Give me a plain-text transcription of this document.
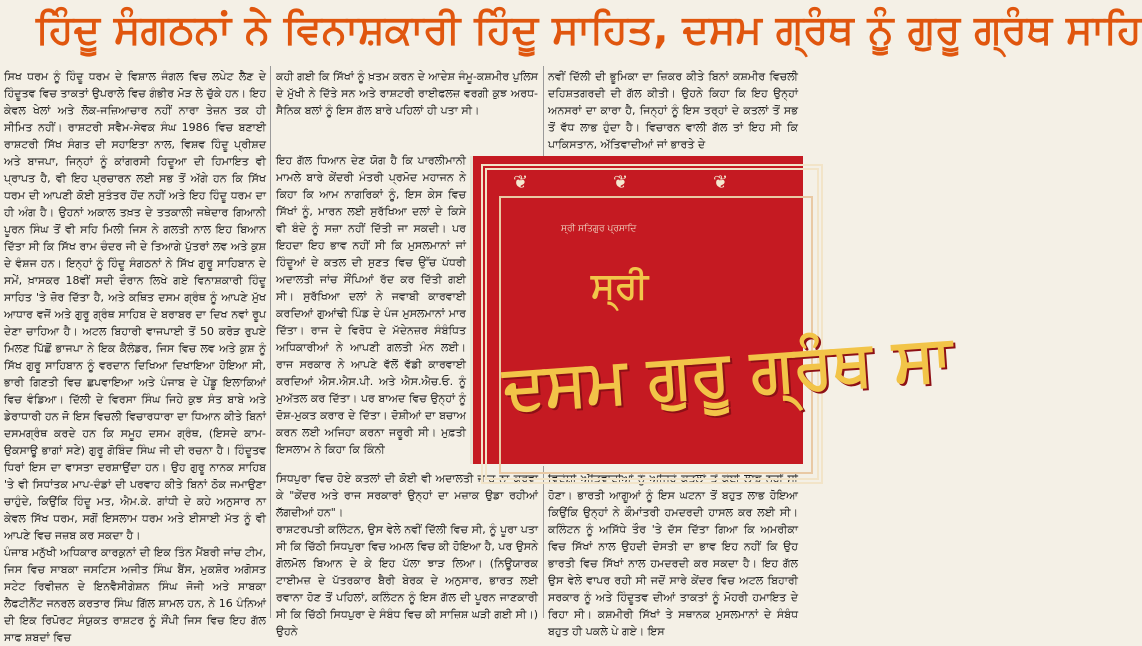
ਹਿੰਦੂ ਸੰਗਠਨਾਂ ਨੇ ਵਿਨਾਸ਼ਕਾਰੀ ਹਿੰਦੂ ਸਾਹਿਤ, ਦਸਮ ਗ੍ਰੰਥ ਨੂੰ ਗੁਰੂ ਗ੍ਰੰਥ ਸਾਹਿ

ਸਿਖ ਧਰਮ ਨੂੰ ਹਿੰਦੂ ਧਰਮ ਦੇ ਵਿਸ਼ਾਲ ਜੰਗਲ ਵਿਚ ਲਪੇਟ ਲੈਣ ਦੇ ਹਿੰਦੂਤਵ ਵਿਚ ਤਾਕਤਾਂ ਉਪਰਾਲੇ ਵਿਚ ਗੰਭੀਰ ਮੋੜ ਲੇ ਚੁੱਕੇ ਹਨ। ਇਹ ਕੇਵਲ ਖੇਲਾਂ ਅਤੇ ਲੋਕ-ਜਜ਼ਿਆਚਾਰ ਨਹੀਂ ਨਾਰਾ ਤੇਜ਼ਨ ਤਕ ਹੀ ਸੀਮਿਤ ਨਹੀਂ। ਰਾਸ਼ਟਰੀ ਸਵੈਮ-ਸੇਵਕ ਸੰਘ 1986 ਵਿਚ ਬਣਾਈ ਰਾਸ਼ਟਰੀ ਸਿੱਖ ਸੰਗਤ ਦੀ ਸਹਾਇਤਾ ਨਾਲ, ਵਿਸ਼ਵ ਹਿੰਦੂ ਪ੍ਰੀਸ਼ਦ ਅਤੇ ਬਾਜਪਾ, ਜਿਨ੍ਹਾਂ ਨੂੰ ਕਾਂਗਰਸੀ ਹਿਦੂਆ ਦੀ ਹਿਮਾਇਤ ਵੀ ਪ੍ਰਾਪਤ ਹੈ, ਵੀ ਇਹ ਪ੍ਰਚਾਰਨ ਲਈ ਸਭ ਤੋਂ ਅੱਗੇ ਹਨ ਕਿ ਸਿੱਖ ਧਰਮ ਦੀ ਆਪਣੀ ਕੋਈ ਸੁਤੰਤਰ ਹੋਂਦ ਨਹੀਂ ਅਤੇ ਇਹ ਹਿੰਦੂ ਧਰਮ ਦਾ ਹੀ ਅੰਗ ਹੈ। ਉਹਨਾਂ ਅਕਾਲ ਤਖ਼ਤ ਦੇ ਤਤਕਾਲੀ ਜਥੇਦਾਰ ਗਿਆਨੀ ਪੂਰਨ ਸਿੰਘ ਤੋਂ ਵੀ ਸਹਿ ਮਿਲੀ ਜਿਸ ਨੇ ਗਲਤੀ ਨਾਲ ਇਹ ਬਿਆਨ ਦਿੱਤਾ ਸੀ ਕਿ ਸਿੱਖ ਰਾਮ ਚੰਦਰ ਜੀ ਦੇ ਤਿਆਗੇ ਪੁੱਤਰਾਂ ਲਵ ਅਤੇ ਕੁਸ਼ ਦੇ ਵੰਸ਼ਜ ਹਨ। ਇਨ੍ਹਾਂ ਨੂੰ ਹਿੰਦੂ ਸੰਗਠਨਾਂ ਨੇ ਸਿੱਖ ਗੁਰੂ ਸਾਹਿਬਾਨ ਦੇ ਸਮੇਂ, ਖ਼ਾਸਕਰ 18ਵੀਂ ਸਦੀ ਦੌਰਾਨ ਲਿਖੇ ਗਏ ਵਿਨਾਸ਼ਕਾਰੀ ਹਿੰਦੂ ਸਾਹਿਤ 'ਤੇ ਜ਼ੋਰ ਦਿੱਤਾ ਹੈ, ਅਤੇ ਕਥਿਤ ਦਸਮ ਗ੍ਰੰਥ ਨੂੰ ਆਪਣੇ ਮੁੱਖ ਆਧਾਰ ਵਜੋਂ ਅਤੇ ਗੁਰੂ ਗ੍ਰੰਥ ਸਾਹਿਬ ਦੇ ਬਰਾਬਰ ਦਾ ਦਿਖ ਨਵਾਂ ਰੂਪ ਦੇਣਾ ਚਾਹਿਆ ਹੈ। ਅਟਲ ਬਿਹਾਰੀ ਵਾਜਪਾਈ ਤੋਂ 50 ਕਰੋੜ ਰੁਪਏ ਮਿਲਣ ਪਿੱਛੋਂ ਭਾਜਪਾ ਨੇ ਇਕ ਕੈਲੰਡਰ, ਜਿਸ ਵਿਚ ਲਵ ਅਤੇ ਕੁਸ਼ ਨੂੰ ਸਿੱਖ ਗੁਰੂ ਸਾਹਿਬਾਨ ਨੂੰ ਵਰਦਾਨ ਦਿਖਿਆ ਦਿਖਾਇਆ ਹੋਇਆ ਸੀ, ਭਾਰੀ ਗਿਣਤੀ ਵਿਚ ਛਪਵਾਇਆ ਅਤੇ ਪੰਜਾਬ ਦੇ ਪੇਂਡੂ ਇਲਾਕਿਆਂ ਵਿਚ ਵੰਡਿਆ। ਦਿੱਲੀ ਦੇ ਵਿਰਸਾ ਸਿੰਘ ਜਿਹੇ ਕੁਝ ਸੰਤ ਬਾਬੇ ਅਤੇ ਡੇਰਾਧਾਰੀ ਹਨ ਜੋ ਇਸ ਵਿਚਲੀ ਵਿਚਾਰਧਾਰਾ ਦਾ ਧਿਆਨ ਕੀਤੇ ਬਿਨਾਂ ਦਸਮਗ੍ਰੰਥ ਕਰਦੇ ਹਨ ਕਿ ਸਮੂਹ ਦਸਮ ਗ੍ਰੰਥ, (ਇਸਦੇ ਕਾਮ-ਉਕਸਾਊ ਭਾਗਾਂ ਸਣੇ) ਗੁਰੂ ਗੋਬਿੰਦ ਸਿੰਘ ਜੀ ਦੀ ਰਚਨਾ ਹੈ। ਹਿੰਦੂਤਵ ਧਿਰਾਂ ਇਸ ਦਾ ਵਾਸਤਾ ਦਰਸ਼ਾਉਂਦਾ ਹਨ। ਉਹ ਗੁਰੂ ਨਾਨਕ ਸਾਹਿਬ 'ਤੇ ਵੀ ਸਿਧਾਂਤਕ ਮਾਪ-ਦੰਡਾਂ ਦੀ ਪਰਵਾਹ ਕੀਤੇ ਬਿਨਾਂ ਠੋਕ ਜਮਾਉਣਾ ਚਾਹੁੰਦੇ, ਕਿਉਂਕਿ ਹਿੰਦੂ ਮਤ, ਐਮ.ਕੇ. ਗਾਂਧੀ ਦੇ ਕਹੇ ਅਨੁਸਾਰ ਨਾ ਕੇਵਲ ਸਿੱਖ ਧਰਮ, ਸਗੋਂ ਇਸਲਾਮ ਧਰਮ ਅਤੇ ਈਸਾਈ ਮੱਤ ਨੂੰ ਵੀ ਆਪਣੇ ਵਿਚ ਜਜ਼ਬ ਕਰ ਸਕਦਾ ਹੈ।

ਪੰਜਾਬ ਮਨੁੱਖੀ ਅਧਿਕਾਰ ਕਾਰਕੁਨਾਂ ਦੀ ਇਕ ਤਿੰਨ ਮੈਂਬਰੀ ਜਾਂਚ ਟੀਮ, ਜਿਸ ਵਿਚ ਸਾਬਕਾ ਜਸਟਿਸ ਅਜੀਤ ਸਿੰਘ ਬੈਂਸ, ਮੁਕਸ਼ੋਰ ਅਗੋਸਤ ਸਟੇਟ ਰਿਵੀਜ਼ਨ ਦੇ ਇਨਵੈਸੀਗੇਸ਼ਨ ਸਿੰਘ ਜੋਜੀ ਅਤੇ ਸਾਬਕਾ ਲੈਫਟੀਨੈਂਟ ਜਨਰਲ ਕਰਤਾਰ ਸਿੰਘ ਗਿੱਲ ਸ਼ਾਮਲ ਹਨ, ਨੇ 16 ਪੰਨਿਆਂ ਦੀ ਇਕ ਰਿਪੋਰਟ ਸੰਯੁਕਤ ਰਾਸ਼ਟਰ ਨੂੰ ਸੌਂਪੀ ਜਿਸ ਵਿਚ ਇਹ ਗੱਲ ਸਾਫ ਸ਼ਬਦਾਂ ਵਿਚ

ਕਹੀ ਗਈ ਕਿ ਸਿੱਖਾਂ ਨੂੰ ਖ਼ਤਮ ਕਰਨ ਦੇ ਆਦੇਸ਼ ਜੰਮੂ-ਕਸ਼ਮੀਰ ਪੁਲਿਸ ਦੇ ਮੁੱਖੀ ਨੇ ਦਿੱਤੇ ਸਨ ਅਤੇ ਰਾਸ਼ਟਰੀ ਰਾਈਫਲਜ਼ ਵਰਗੀ ਕੁਝ ਅਰਧ-ਸੈਨਿਕ ਬਲਾਂ ਨੂੰ ਇਸ ਗੱਲ ਬਾਰੇ ਪਹਿਲਾਂ ਹੀ ਪਤਾ ਸੀ।

ਇਹ ਗੱਲ ਧਿਆਨ ਦੇਣ ਯੋਗ ਹੈ ਕਿ ਪਾਰਲੀਮਾਨੀ ਮਾਮਲੇ ਬਾਰੇ ਕੇਂਦਰੀ ਮੰਤਰੀ ਪ੍ਰਮੋਦ ਮਹਾਜਨ ਨੇ ਕਿਹਾ ਕਿ ਆਮ ਨਾਗਰਿਕਾਂ ਨੂੰ, ਇਸ ਕੇਸ ਵਿਚ ਸਿੱਖਾਂ ਨੂੰ, ਮਾਰਨ ਲਈ ਸੁਰੱਖਿਆ ਦਲਾਂ ਦੇ ਕਿਸੇ ਵੀ ਬੰਦੇ ਨੂੰ ਸਜ਼ਾ ਨਹੀਂ ਦਿੱਤੀ ਜਾ ਸਕਦੀ। ਪਰ ਇਹਦਾ ਇਹ ਭਾਵ ਨਹੀਂ ਸੀ ਕਿ ਮੁਸਲਮਾਨਾਂ ਜਾਂ ਹਿੰਦੂਆਂ ਦੇ ਕਤਲ ਦੀ ਸੁਣਤ ਵਿਚ ਉੱਚ ਪੱਧਰੀ ਅਦਾਲਤੀ ਜਾਂਚ ਸੌਂਪਿਆਂ ਰੱਦ ਕਰ ਦਿੱਤੀ ਗਈ ਸੀ। ਸੁਰੱਖਿਆ ਦਲਾਂ ਨੇ ਜਵਾਬੀ ਕਾਰਵਾਈ ਕਰਦਿਆਂ ਗੁਆਂਢੀ ਪਿੰਡ ਦੇ ਪੰਜ ਮੁਸਲਮਾਨਾਂ ਮਾਰ ਦਿੱਤਾ। ਰਾਜ ਦੇ ਵਿਰੋਧ ਦੇ ਮੱਦੇਨਜ਼ਰ ਸੰਬੰਧਿਤ ਅਧਿਕਾਰੀਆਂ ਨੇ ਆਪਣੀ ਗਲਤੀ ਮੰਨ ਲਈ। ਰਾਜ ਸਰਕਾਰ ਨੇ ਆਪਣੇ ਵੱਲੋਂ ਵੱਡੀ ਕਾਰਵਾਈ ਕਰਦਿਆਂ ਐਸ.ਐਸ.ਪੀ. ਅਤੇ ਐਸ.ਐਚ.ਓ. ਨੂੰ ਮੁਅੱਤਲ ਕਰ ਦਿੱਤਾ। ਪਰ ਬਾਅਦ ਵਿਚ ਉਨ੍ਹਾਂ ਨੂੰ ਦੋਸ਼-ਮੁਕਤ ਕਰਾਰ ਦੇ ਦਿੱਤਾ। ਦੋਸ਼ੀਆਂ ਦਾ ਬਚਾਅ ਕਰਨ ਲਈ ਅਜਿਹਾ ਕਰਨਾ ਜਰੂਰੀ ਸੀ। ਮੁਫ਼ਤੀ ਇਸਲਾਮ ਨੇ ਕਿਹਾ ਕਿ ਕਿੰਨੀ

ਸਿਧਪੁਰਾ ਵਿਚ ਹੋਏ ਕਤਲਾਂ ਦੀ ਕੋਈ ਵੀ ਅਦਾਲਤੀ ਜਾਂਚ ਨਾ ਕਰਵਾ ਕੇ "ਕੇਂਦਰ ਅਤੇ ਰਾਜ ਸਰਕਾਰਾਂ ਉਨ੍ਹਾਂ ਦਾ ਮਜ਼ਾਕ ਉਡਾ ਰਹੀਆਂ ਲੱਗਦੀਆਂ ਹਨ"।

ਰਾਸ਼ਟਰਪਤੀ ਕਲਿੰਟਨ, ਉਸ ਵੇਲੇ ਨਵੀਂ ਦਿੱਲੀ ਵਿਚ ਸੀ, ਨੂੰ ਪੂਰਾ ਪਤਾ ਸੀ ਕਿ ਚਿੱਠੀ ਸਿਧਪੁਰਾ ਵਿਚ ਅਮਲ ਵਿਚ ਕੀ ਹੋਇਆ ਹੈ, ਪਰ ਉਸਨੇ ਗੋਲਮੋਲ ਬਿਆਨ ਦੇ ਕੇ ਇਹ ਪੱਲਾ ਝਾੜ ਲਿਆ। (ਨਿਊਯਾਰਕ ਟਾਈਮਜ਼ ਦੇ ਪੱਤਰਕਾਰ ਬੈਰੀ ਬੇਰਕ ਦੇ ਅਨੁਸਾਰ, ਭਾਰਤ ਲਈ ਰਵਾਨਾ ਹੋਣ ਤੋਂ ਪਹਿਲਾਂ, ਕਲਿੰਟਨ ਨੂੰ ਇਸ ਗੱਲ ਦੀ ਪੂਰਨ ਜਾਣਕਾਰੀ ਸੀ ਕਿ ਚਿੱਠੀ ਸਿਧਪੁਰਾ ਦੇ ਸੰਬੰਧ ਵਿਚ ਕੀ ਸਾਜ਼ਿਸ਼ ਘੜੀ ਗਈ ਸੀ।) ਉਹਨੇ

ਨਵੀਂ ਦਿੱਲੀ ਦੀ ਭੂਮਿਕਾ ਦਾ ਜ਼ਿਕਰ ਕੀਤੇ ਬਿਨਾਂ ਕਸ਼ਮੀਰ ਵਿਚਲੀ ਦਹਿਸ਼ਤਗਰਦੀ ਦੀ ਗੱਲ ਕੀਤੀ। ਉਹਨੇ ਕਿਹਾ ਕਿ ਇਹ ਉਨ੍ਹਾਂ ਅਨਸਰਾਂ ਦਾ ਕਾਰਾ ਹੈ, ਜਿਨ੍ਹਾਂ ਨੂੰ ਇਸ ਤਰ੍ਹਾਂ ਦੇ ਕਤਲਾਂ ਤੋਂ ਸਭ ਤੋਂ ਵੱਧ ਲਾਭ ਹੁੰਦਾ ਹੈ। ਵਿਚਾਰਨ ਵਾਲੀ ਗੱਲ ਤਾਂ ਇਹ ਸੀ ਕਿ ਪਾਕਿਸਤਾਨ, ਅੱਤਿਵਾਦੀਆਂ ਜਾਂ ਭਾਰਤੇ ਦੇ

ਵਿਦੇਸ਼ੀ ਅੱਤਿਵਾਦੀਆਂ ਨੂੰ ਅਜਿਹੇ ਕਤਲਾਂ ਤੋਂ ਕੋਈ ਲਾਭ ਨਹੀਂ ਸੀ ਹੋਣਾ। ਭਾਰਤੀ ਆਗੂਆਂ ਨੂੰ ਇਸ ਘਟਨਾ ਤੋਂ ਬਹੁਤ ਲਾਭ ਹੋਇਆ ਕਿਉਂਕਿ ਉਨ੍ਹਾਂ ਨੇ ਕੌਮਾਂਤਰੀ ਹਮਦਰਦੀ ਹਾਸਲ ਕਰ ਲਈ ਸੀ। ਕਲਿੰਟਨ ਨੂੰ ਅਸਿੱਧੇ ਤੌਰ 'ਤੇ ਦੱਸ ਦਿੱਤਾ ਗਿਆ ਕਿ ਅਮਰੀਕਾ ਵਿਚ ਸਿੱਖਾਂ ਨਾਲ ਉਹਦੀ ਦੋਸਤੀ ਦਾ ਭਾਵ ਇਹ ਨਹੀਂ ਕਿ ਉਹ ਭਾਰਤੀ ਵਿਚ ਸਿੱਖਾਂ ਨਾਲ ਹਮਦਰਦੀ ਕਰ ਸਕਦਾ ਹੈ। ਇਹ ਗੱਲ ਉਸ ਵੇਲੇ ਵਾਪਰ ਰਹੀ ਸੀ ਜਦੋਂ ਸਾਰੇ ਕੇਂਦਰ ਵਿਚ ਅਟਲ ਬਿਹਾਰੀ ਸਰਕਾਰ ਨੂੰ ਅਤੇ ਹਿੰਦੂਤਵ ਦੀਆਂ ਤਾਕਤਾਂ ਨੂੰ ਮੋਹਰੀ ਹਮਾਇਤ ਦੇ ਰਿਹਾ ਸੀ। ਕਸ਼ਮੀਰੀ ਸਿੱਖਾਂ ਤੇ ਸਥਾਨਕ ਮੁਸਲਮਾਨਾਂ ਦੇ ਸੰਬੰਧ ਬਹੁਤ ਹੀ ਪਕਲੇ ਪੇ ਗਏ। ਇਸ

❦	❦	❦
ਸ੍ਰੀ ਸਤਿਗੁਰ ਪ੍ਰਸਾਦਿ
ਸ੍ਰੀ
ਦਸਮ ਗੁਰੂ ਗ੍ਰੰਥ ਸਾ
